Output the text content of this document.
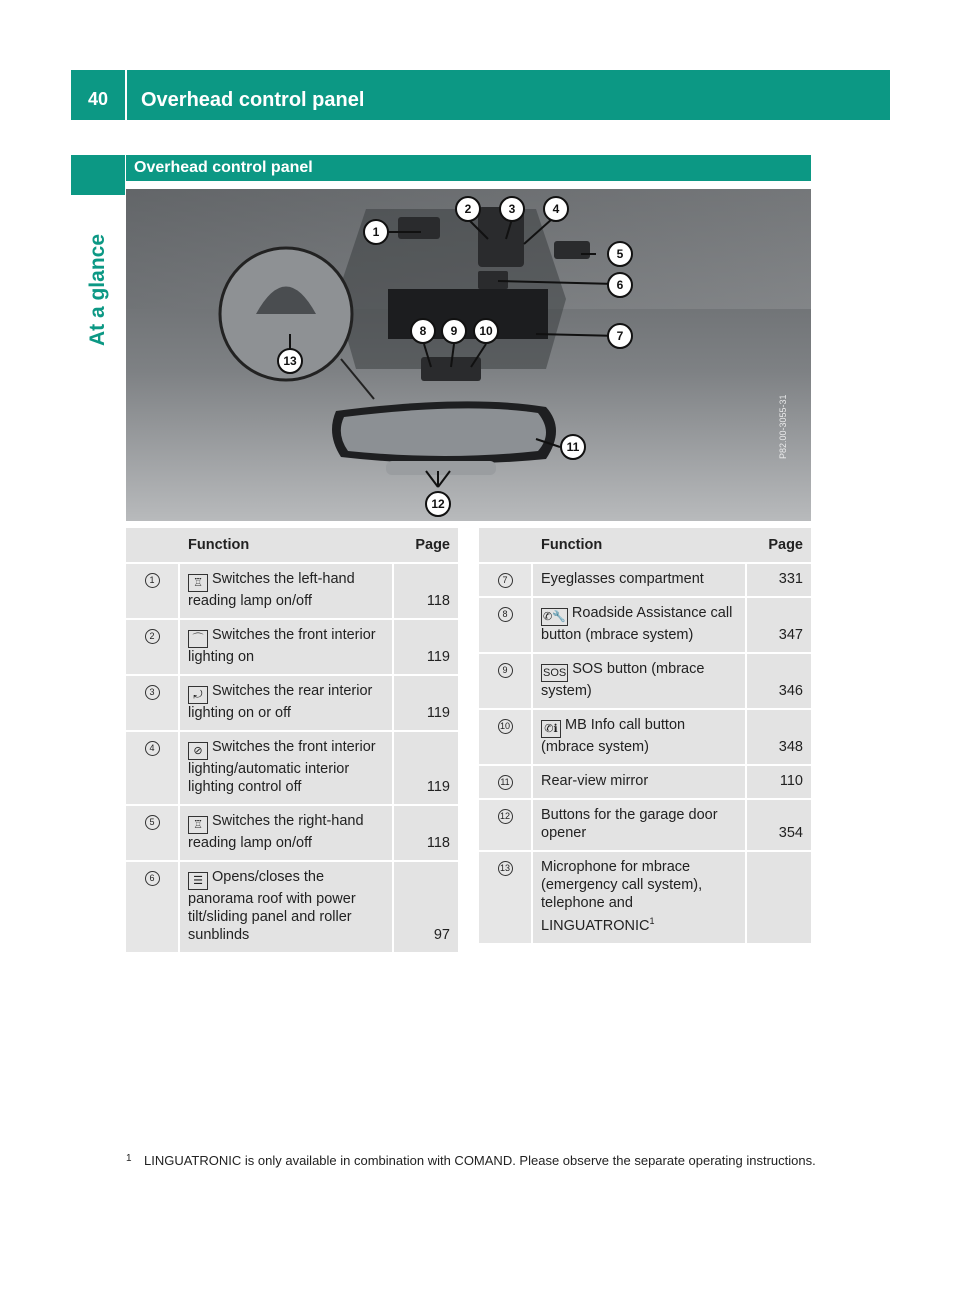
40	Overhead control panel
At a glance
Overhead control panel
1
2	3	4
5
6
7
8 9 10
11
12
13
P82.00-3055-31
	Function	Page
1	♖ Switches the left-hand reading lamp on/off	118
2	⌒ Switches the front interior lighting on	119
3	⤾ Switches the rear interior lighting on or off	119
4	⊘ Switches the front interior lighting/automatic interior lighting control off	119
5	♖ Switches the right-hand reading lamp on/off	118
6	☰ Opens/closes the panorama roof with power tilt/sliding panel and roller sunblinds	97
	Function	Page
7	Eyeglasses compartment	331
8	✆🔧 Roadside Assistance call button (mbrace system)	347
9	SOS SOS button (mbrace system)	346
10	✆ℹ MB Info call button (mbrace system)	348
11	Rear-view mirror	110
12	Buttons for the garage door opener	354
13	Microphone for mbrace (emergency call system), telephone and LINGUATRONIC$^1$	
1 LINGUATRONIC is only available in combination with COMAND. Please observe the separate operating instructions.
